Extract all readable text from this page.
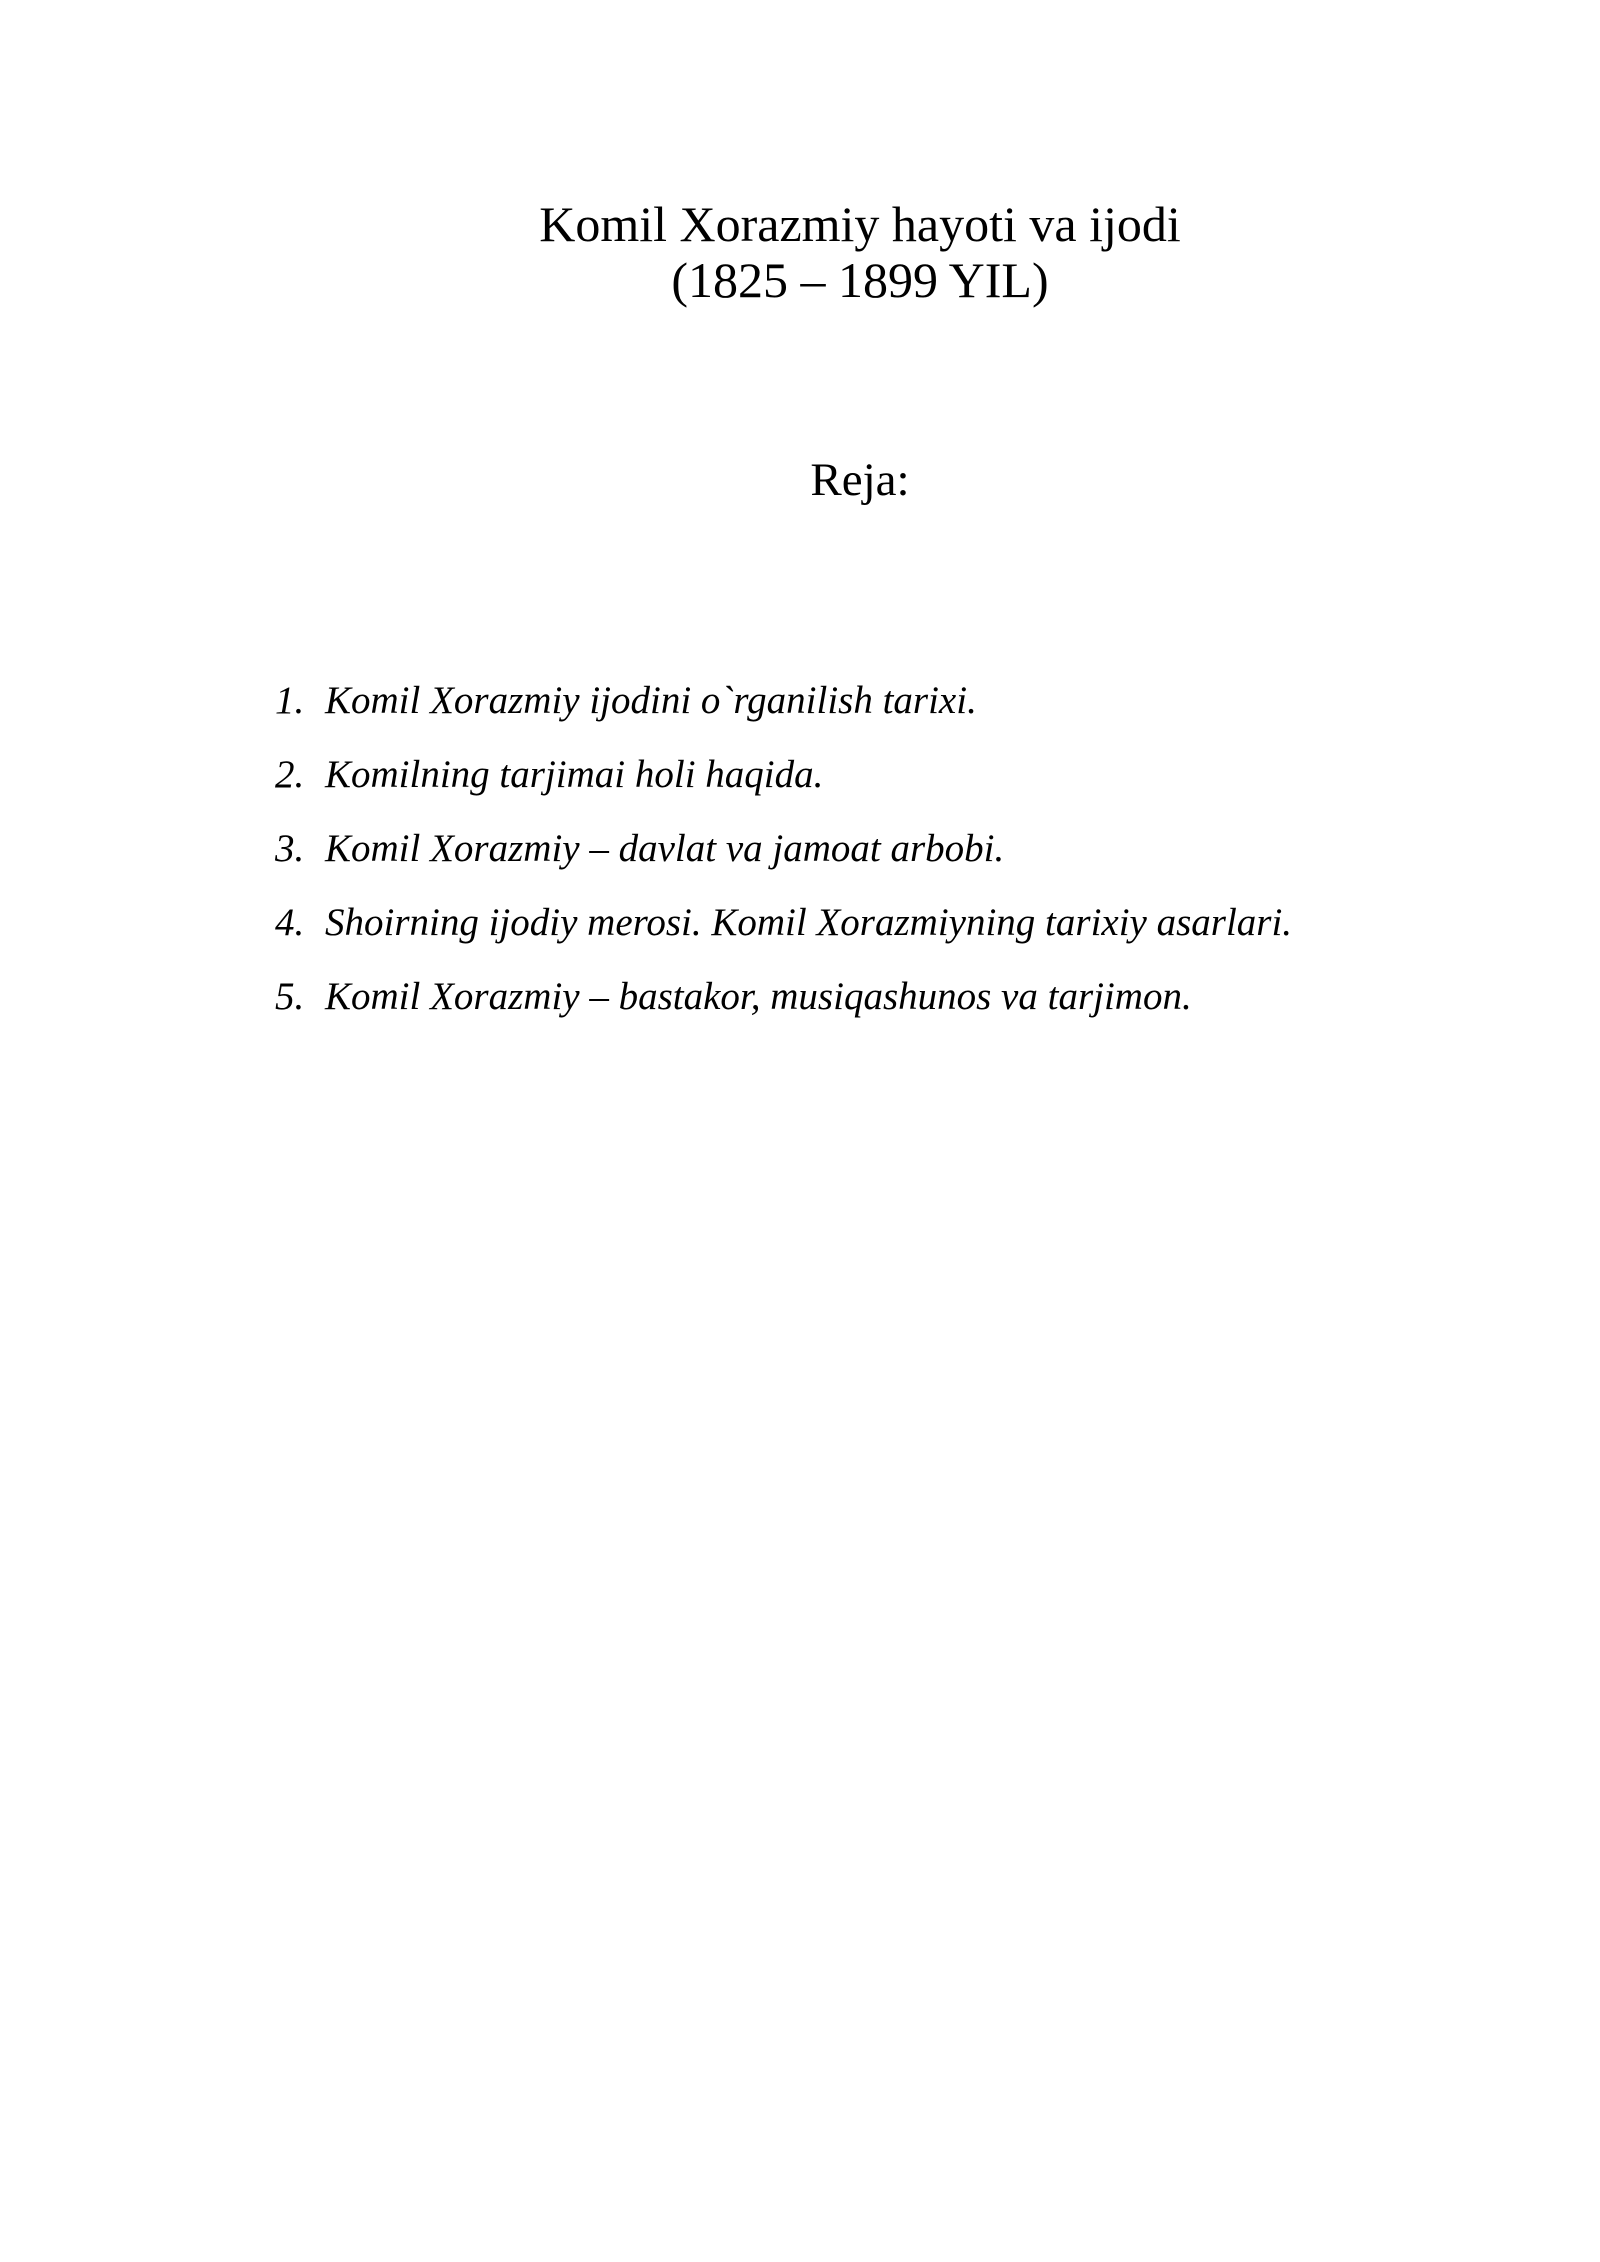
Komil Xorazmiy hayoti va ijodi
(1825 – 1899 YIL)
Reja:
1. Komil Xorazmiy ijodini o`rganilish tarixi.
2. Komilning tarjimai holi haqida.
3. Komil Xorazmiy – davlat va jamoat arbobi.
4. Shoirning ijodiy merosi. Komil Xorazmiyning tarixiy asarlari.
5. Komil Xorazmiy – bastakor, musiqashunos va tarjimon.
